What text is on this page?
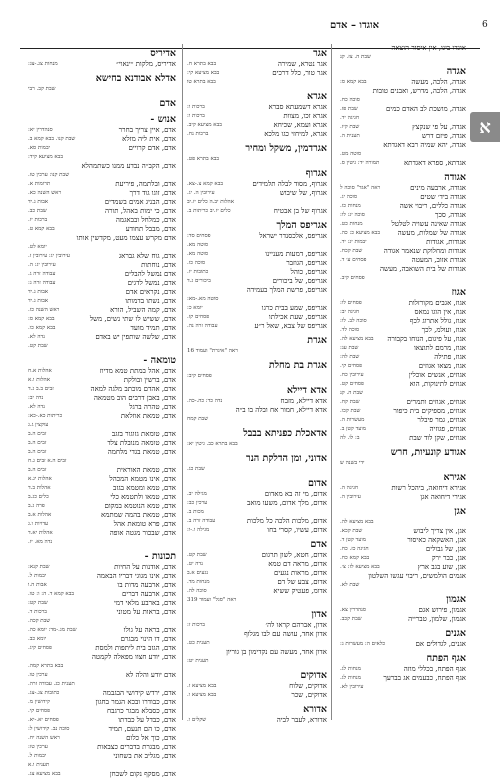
אוגדו – אדם	6
א
אוגדו ביגו, אין איסור הוצאה
שבת ה. צז. קנ
אגדה
אגדה, הלכה, מעשה
בבא קמא ס:
אגדה, הלכה, מדרש, ואבנים טובות
סוכה כח.
אגדה, מושכת לב האדם כמים
שבת פז.
חגיגה יד.
אגדה, על פי שנקצץ
שבת קיז.
אגדה, פיזם דרש
תענית ה.
אגדה, יהא שמיה רבא דאגדתא
סוטה מט.
אגדתא, ספרא דאגדתא
תמורה יד: גיטין ס.
אגודה
אגודה, ארבעה מינים
ראה "אגד" סוכה ל
אגודה ביד׳ שטים
סוכה יג.
אגודה כללים, ריבוי אשה
מנחות כז.
אגודה, סכך
סוכה יג: לו:
אגודה שאינה עשויה לטלטל
מנחות כט.
אגודה של שמלות, מעשה
בבא מציעא כ: כה.
אגודות, אגודות
יבמות יג: יד.
אגודות ומחלוקת שנאמר אגודה
שבת קכח.
אגודת אזוב, המעטה
פסחים ע׳ ד.
אגודות של בית השואבה, מעשה
פסחים קיב.
אגוז
אגוז, אגבים מקורזלות
פסחים לו:
אגוז, אין הוגו נמאס
חגיגה יב:
אגוז, גולל אתרוג לכף
סוכה לב. לו:
אגוז, ועולמ, לכך
סוכה לד.
אגוז, על פיגום, הנוחו בקבורה
בבא מציעא לה.
אגוז, מרמם לתוצאו
שבת עג:
אגוז, פתילה
שבת לה:
אגוז, מצאו אגוזים
פסחים קי.
אגוזים, אנשים אוכלין
עירובין כח.
אגוזים לתינוקות, הוא
פסחים קט.
שבת ה. קנ
אגוזים, אגוזים ותמרים
שבת קח.
אגוזים, מספיקים בית כיפור
שבת קכו.
אגוזים, גמר פיבלר
מעשרות ה.
אגוזים, פגוזיה
מועד קטן ב.
אגוזים, שקן לוד שבת
ב: לו. לה
אגודע קונעיות, חרש
ידי בשנה ש
אגירא
אגירא דיחואה, ביהכל רשות
חגיגה ה.
אגירי דיחואה אגן
עירובין ה.
אגן
בבא מציעא לה.
אגן, אין צריך ליבוש
שבת קכא.
אגן, האשקאה כאיסור
מועד קטן ד.
אגן, של גבולים
חגיגה כז. כח.
אגן, כבר ירק
בבא קמא כח.
אגן, שוע בגב ארץ
בבא מציעא לז: צ׳.
אגמים הולמשים, ריבוי עגשו השלטון
שבת לא.
אגמון
אגמון, פירוש אגם
סנהדרין צא.
אגמון, שלמון, טברייה
שבת קכב.
אגנים
אגנים, לגדולים אם
כלאים ה: מעשרות ג:
אגף הפתח
אגף הפתח, בכללי מוזה
מנחות לג.
אגף הפתח, כבעמים אג בברעך
מנחות לג.
עירובין לא.
אגר
אגר נטרא, שמירה
בבא בתרא ח.
אגר טור, כלל דרכים
בבא מציעא קי:
בבא בתרא טו
אגרא
אגרא דשמעתא סברא
ברכות ו:
אגרא זכו, מצוות
ברכות ו:
אגרא ועמא, שכיחא
בבא מציעא קיב.
אגרא, למיחזי כגו מלכא
ברכות נח.
אגרדמין, משקל ומחיר
בבא בתרא פט.
אגרוף
אגרוף, מסוד לבלה תלמידים
בבא קמא צ.-צא.
אגרוף, של שיבוש
עירובין ה. יג.
אהלות יב.ה כלים יז.יב
אגרוף של בן אבטיח
כלים יז.יב כריתות ב.
אגריפס המלך
אגריפס, אלכסנדר ישראל
פסחים סד:
סוטה מא.
אגריפס, דמעות מעניינו
סוטה מא.
אגריפס, הגוזבר
סוכה כז.
אגריפס, כוהל
כתובות יז.
אגריפס, של ביכורים
ביכורים ג.ד
אגריפס, פרשת המלך בעמידה
סוטה מא.-מא:
אגריפס, שמע בבית כרגו
יומא כ:
אגריפס, שעת אכילתו
פסחים קז.
אגריפס של צבא, שאל ר״ע
עבודה זרה נה.
אגרת
ראה "איגרת" ועמוד 16
אגרת בת מחלת
פסחים קיב:
אדא דיילא
אדא דיילא, מזבח
נדה כד: כה.-כה.
אדא דיילא, חמור אח ובלה בו ב״ה
שבת קמח
אדאכלת כפניתא בבבל
בבא בתרא כב. גיטין יא:
אדוני, ומן הדלקת הנר
שבת כג.
אדום
אדום, מי זה בא מאדום
מגילה יב.
אדום, מלך אדום, משעו מואב
ערכין כב:
מכות ב.
אדום, מלכות הלכה כל מלכות
עבודה זרה ב.
אדום, עשיו, קסרי בחו
מגילה ו.-ו:
אדם
אדום, חטא, לשון תרגום
שבת קט.
אדום, מראה דם טמא
נדה יט.
אדום, מראות נגעים
נגעים א.ב
אדום, צבע של דם
מנחות מד.
אדומ, פעטיק ששיא
סוכה לה.
ראה "סגל" ועמוד 319
אדון
אדון, אברהם קראו לה׳
ברכות ז:
אדון אחד, עושה עם לבו מגלוף
תענית כט.
אדון אחד, מעשה עם נקדימון בן גוריון
תענית יט:
אדוקים
אדוקים, שלוח
בבא מציעא ז.
אדוקים, שכר
בבא מציעא ו.
אדורא
אדורא, לעבר לביה
שקלים ו.
אדיריס
אדיריס, מלקות ״ינאוי״
מנחות צג.-צג:
אדלא אבודנא בחישא
שבת קב. רבי
אדם
אנוש -
אדם, איין צריך בחרר
סנהדרין יא:
אדם, אית ליה מזלא
שבת קנו. בבא קמא ב.
אדם, אדם קרויים
יבמות סא.
בבא מציעא קיד:
אדם, הקב״ה נבדע ממנו כשתמהלא
שבת קנו: ערכין טז.
אדם, ובלתמה, פיריעת
תרומות א.
אדם, זוגו גוד דרך
ראש השנה כא.
אדם, הבניג אמים בשמדים
אבות ג.יד
אדם, כי ימות באהל, תורה
שבת כב.
אדם, כמלחל ובבאגמה
ברכות יז.
אדם, מבבל תחודע
בבא קמא ט.
אדם מקרש עצמו מעט, מקדשין אותו
יומא לט.
אדם, גוח שלא גבראג
עירובין יג: עירובין ז.
אדם, נוחתות
עירובין יג: ה.
אדם נמשל להבלים
עבודה זרה ג.
אדם, נמשל לדגים
עבודה זרה ג:
אדם, נקראים אדם
אבות ג.יד
אדם, נשתו בדמותו
אבות ג.יד
אדם, קמה השביל, הורא
ראש השנה כז.
אדם, ששיש לו שתי נשים, משל
בבא קמא ס:
אדם, תמיד מועד
בבא קמא כו.
אדם, שלשה שותפין יש באדם
נדה לא.
שבת קט.
טומאה -
אדם, אהל במתת טמא מדיוז
אהלות א.ח
אדם, ברשין ובולקת
אהלות ו.א
אדם, אהדם מוכתב מלגה למאה
זבים ב.ב ג.ד
אדם, באבן דרבים הוב מטמאה
נדה יב:
אדם, טהרה ברגל
נדה לא.
אדם, טמאת אוזלאת
כריתות כא.-כא:
עוקצין ג.ג
אדם, טומאת גזוגור בזגב
זבים ה.ב
אדם, טומאה מנובלת צלד
זבים ה.ב
אדם, טמאת בגדי מלחמה
זבים ה.ב
זבים ה.א זבים ג.ח
אדם, טמאת האוראית
זבים ה.ב
אדם, אינו מטמא המכהל
אהלות יג.א
אדם, טמא ומטמא בגזב
אהלות ב.ד
אדם, טמאו ולתטמא כלי
כלים כג.ב
אדם, טמא הנוטמא במקום
פרה ג.ב
אדם, טמאת בהמה שמתמא
אהלות א.ב
אדם, פרא טומאת אהל
עדויות ו.ג
אדם, שבכור מגטה אופה
אהלות יא.ד
נדה מא. יז.
תכונות -
אדם, אודנות על החיות
שבת קנא:
אדם, אינו מגוגי דבריו הבאמה
יבמות ל.
אדם, ארבעה מדות בו
אבות ה.ו
אדם, ארבעה דברים
בבא קמא ד. ה: ו: טו.
אדם, בארבע מלאי דמי
שבת קט:
אדם, בראות על מטוני
ברכות ד.
שבת קכה.
אדם, בראה על גולו
שבת מג.-מד: יומא כה.
אדם, דו הינוי מבגרם
יומא כב.
אדם, הגזב בית ליתפות ולמסת
פסחים קיג.
אדם, יודע חצוו מפאלה לקמטה
בבא בתרא קמה.
אדם יודע והלה לא
ערכין טו.
תענית כג. עבודה זרה.
אדם, ירדש קידושי הבגבמה
כתובות צג.-צג.
אדם, כבודרו ובכא הגמר בחגון
קידושין מ.
אדם, כסבלא מבגר כרגבח
פסחים קי.
אדם, כבדל על כבדתו
פסחים יא.-יא.
אדם, כו הם תנעם, תמיד
סוכה נב. קידושין ל:
אדם, כוך אל כלום
ראש השנה יח.
אדם, מבגרת בדברים כצבאות
ערכין טז:
אדם, מגליב את בשחוני
יבמות ל.
תענית ו.א
אדם, מסקף נקום לשכחן
בבא מציעא צג.
